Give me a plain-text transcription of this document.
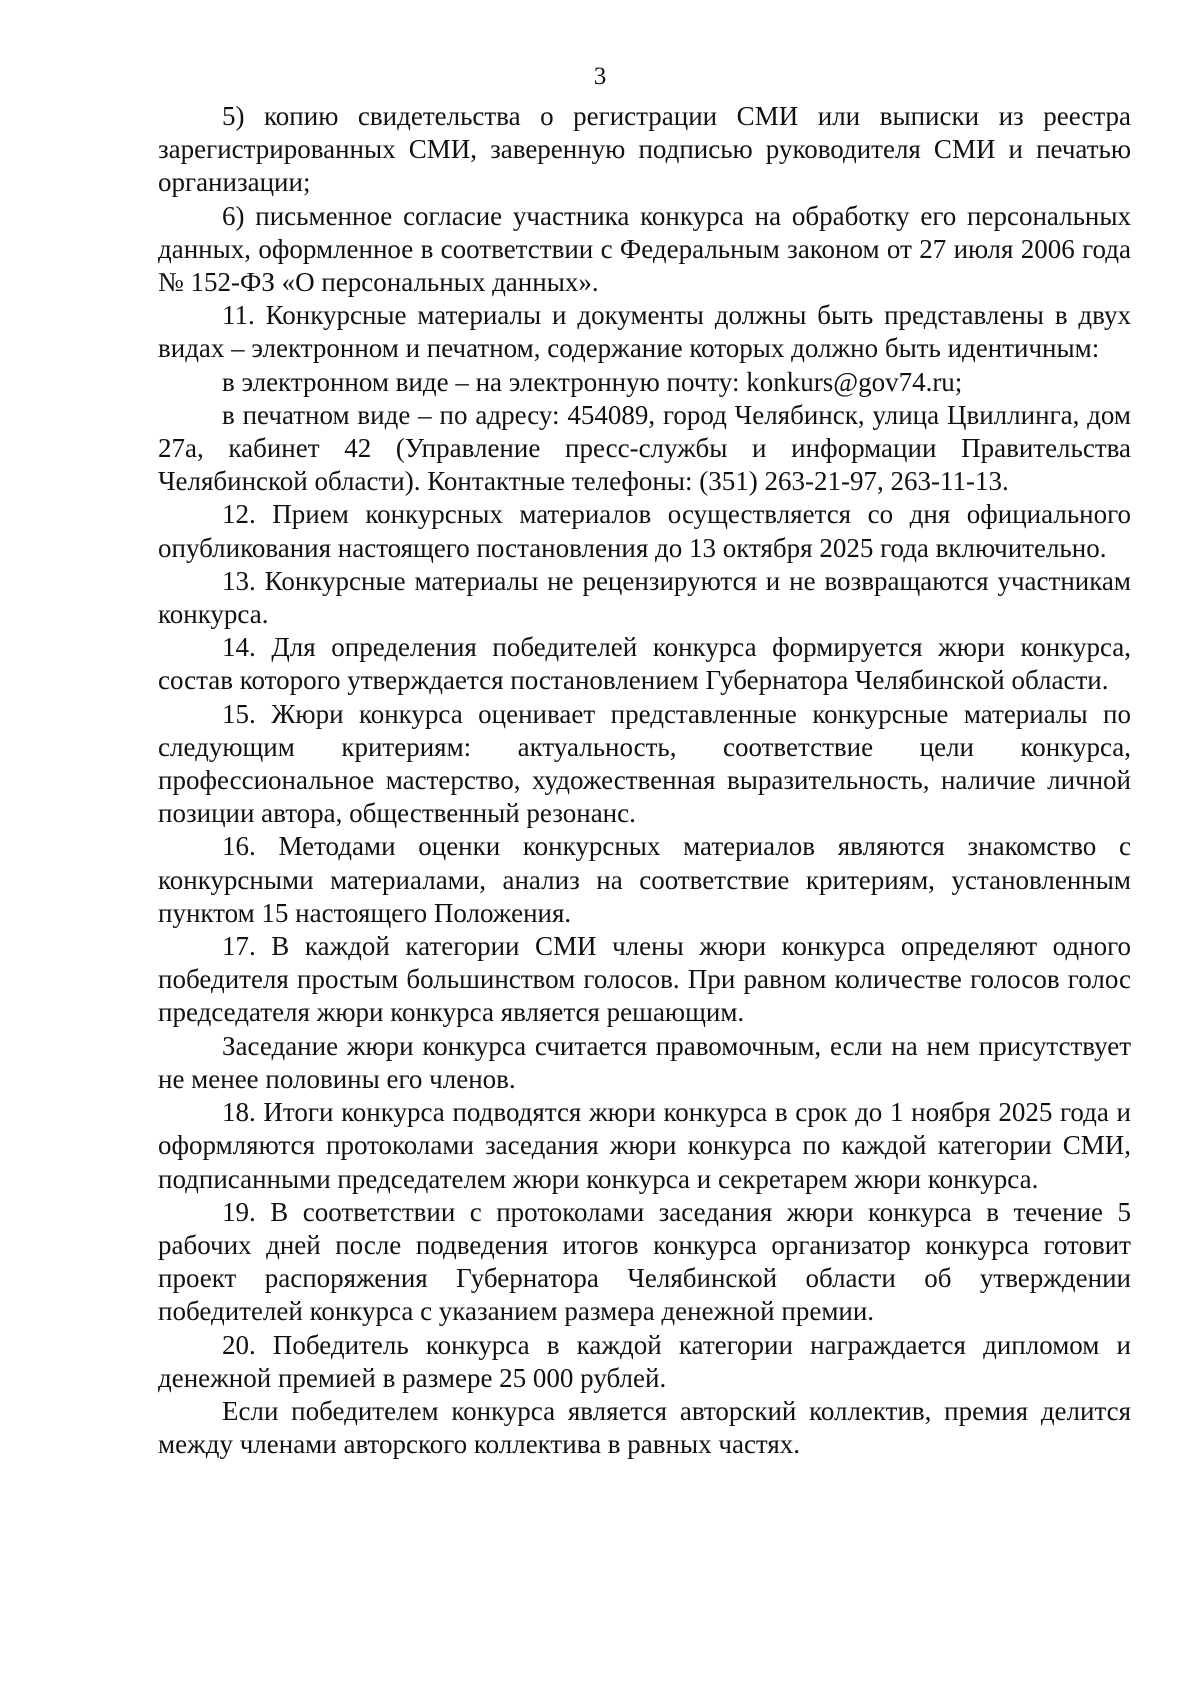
3

5) копию свидетельства о регистрации СМИ или выписки из реестра зарегистрированных СМИ, заверенную подписью руководителя СМИ и печатью организации;

6) письменное согласие участника конкурса на обработку его персональных данных, оформленное в соответствии с Федеральным законом от 27 июля 2006 года № 152-ФЗ «О персональных данных».

11. Конкурсные материалы и документы должны быть представлены в двух видах – электронном и печатном, содержание которых должно быть идентичным:

в электронном виде – на электронную почту: konkurs@gov74.ru;

в печатном виде – по адресу: 454089, город Челябинск, улица Цвиллинга, дом 27а, кабинет 42 (Управление пресс-службы и информации Правительства Челябинской области). Контактные телефоны: (351) 263-21-97, 263-11-13.

12. Прием конкурсных материалов осуществляется со дня официального опубликования настоящего постановления до 13 октября 2025 года включительно.

13. Конкурсные материалы не рецензируются и не возвращаются участникам конкурса.

14. Для определения победителей конкурса формируется жюри конкурса, состав которого утверждается постановлением Губернатора Челябинской области.

15. Жюри конкурса оценивает представленные конкурсные материалы по следующим критериям: актуальность, соответствие цели конкурса, профессиональное мастерство, художественная выразительность, наличие личной позиции автора, общественный резонанс.

16. Методами оценки конкурсных материалов являются знакомство с конкурсными материалами, анализ на соответствие критериям, установленным пунктом 15 настоящего Положения.

17. В каждой категории СМИ члены жюри конкурса определяют одного победителя простым большинством голосов. При равном количестве голосов голос председателя жюри конкурса является решающим.

Заседание жюри конкурса считается правомочным, если на нем присутствует не менее половины его членов.

18. Итоги конкурса подводятся жюри конкурса в срок до 1 ноября 2025 года и оформляются протоколами заседания жюри конкурса по каждой категории СМИ, подписанными председателем жюри конкурса и секретарем жюри конкурса.

19. В соответствии с протоколами заседания жюри конкурса в течение 5 рабочих дней после подведения итогов конкурса организатор конкурса готовит проект распоряжения Губернатора Челябинской области об утверждении победителей конкурса с указанием размера денежной премии.

20. Победитель конкурса в каждой категории награждается дипломом и денежной премией в размере 25 000 рублей.

Если победителем конкурса является авторский коллектив, премия делится между членами авторского коллектива в равных частях.
